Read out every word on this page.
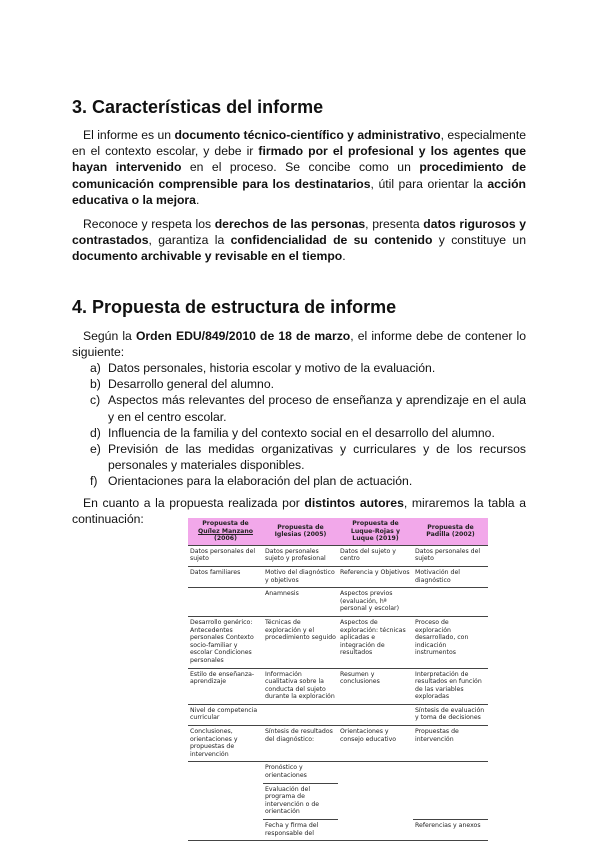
3. Características del informe

El informe es un documento técnico-científico y administrativo, especialmente en el contexto escolar, y debe ir firmado por el profesional y los agentes que hayan intervenido en el proceso. Se concibe como un procedimiento de comunicación comprensible para los destinatarios, útil para orientar la acción educativa o la mejora.

Reconoce y respeta los derechos de las personas, presenta datos rigurosos y contrastados, garantiza la confidencialidad de su contenido y constituye un documento archivable y revisable en el tiempo.

4. Propuesta de estructura de informe

Según la Orden EDU/849/2010 de 18 de marzo, el informe debe de contener lo siguiente:

a) Datos personales, historia escolar y motivo de la evaluación.
b) Desarrollo general del alumno.
c) Aspectos más relevantes del proceso de enseñanza y aprendizaje en el aula y en el centro escolar.
d) Influencia de la familia y del contexto social en el desarrollo del alumno.
e) Previsión de las medidas organizativas y curriculares y de los recursos personales y materiales disponibles.
f) Orientaciones para la elaboración del plan de actuación.

En cuanto a la propuesta realizada por distintos autores, miraremos la tabla a continuación:	Propuesta de Quílez Manzano (2006)	Propuesta de Iglesias (2005)	Propuesta de Luque-Rojas y Luque (2019)	Propuesta de Padilla (2002)
Datos personales del sujeto	Datos personales sujeto y profesional	Datos del sujeto y centro	Datos personales del sujeto
Datos familiares	Motivo del diagnóstico y objetivos	Referencia y Objetivos	Motivación del diagnóstico
	Anamnesis	Aspectos previos (evaluación, hª personal y escolar)	
Desarrollo genérico: Antecedentes personales Contexto socio-familiar y escolar Condiciones personales	Técnicas de exploración y el procedimiento seguido	Aspectos de exploración: técnicas aplicadas e integración de resultados	Proceso de exploración desarrollado, con indicación instrumentos
Estilo de enseñanza-aprendizaje	Información cualitativa sobre la conducta del sujeto durante la exploración	Resumen y conclusiones	Interpretación de resultados en función de las variables exploradas
Nivel de competencia curricular			Síntesis de evaluación y toma de decisiones
Conclusiones, orientaciones y propuestas de intervención	Síntesis de resultados del diagnóstico:	Orientaciones y consejo educativo	Propuestas de intervención
	Pronóstico y orientaciones		
	Evaluación del programa de intervención o de orientación		
	Fecha y firma del responsable del		Referencias y anexos
